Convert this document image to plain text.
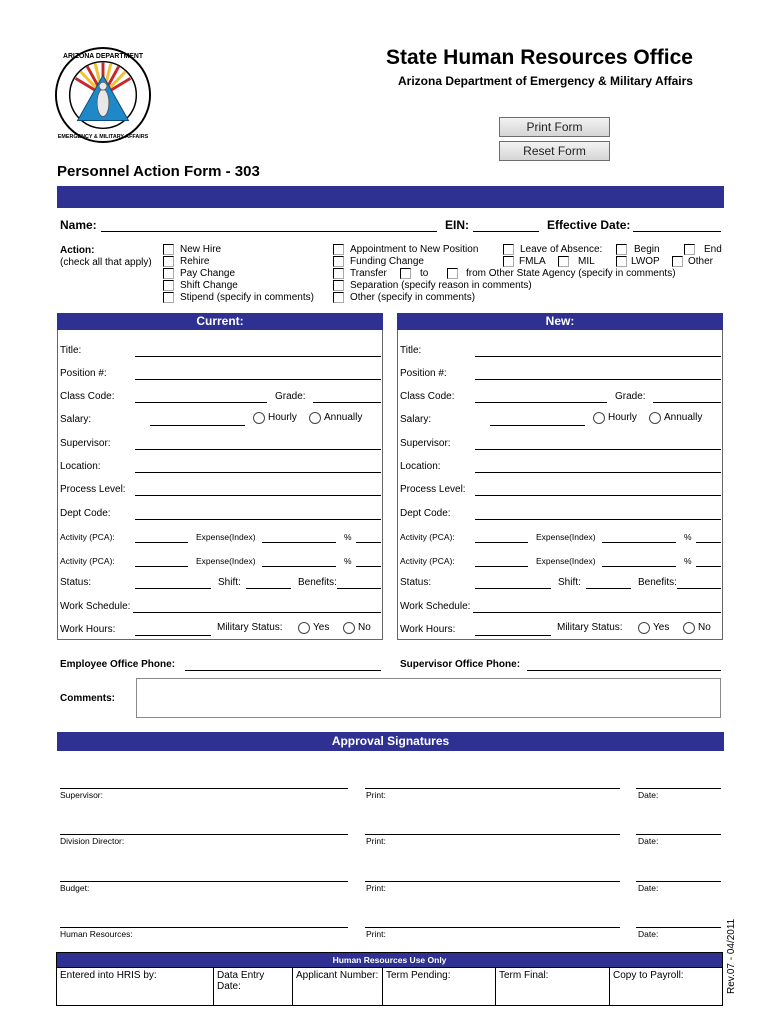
ARIZONA DEPARTMENT
EMERGENCY & MILITARY AFFAIRS
State Human Resources Office
Arizona Department of Emergency & Military Affairs
Print Form
Reset Form
Personnel Action Form - 303
Name:	EIN:	Effective Date:
Action:
(check all that apply)
New Hire
Rehire
Pay Change
Shift Change
Stipend (specify in comments)
Appointment to New Position
Funding Change
Transfer	to	from Other State Agency (specify in comments)
Separation (specify reason in comments)
Other (specify in comments)
Leave of Absence:	Begin	End
FMLA	MIL	LWOP	Other
Current:
Title:
Position #:
Class Code:	Grade:
Salary:	Hourly	Annually
Supervisor:
Location:
Process Level:
Dept Code:
Activity (PCA):	Expense(Index)	%
Activity (PCA):	Expense(Index)	%
Status:	Shift:	Benefits:
Work Schedule:
Work Hours:	Military Status:	Yes	No
New:
Title:
Position #:
Class Code:	Grade:
Salary:	Hourly	Annually
Supervisor:
Location:
Process Level:
Dept Code:
Activity (PCA):	Expense(Index)	%
Activity (PCA):	Expense(Index)	%
Status:	Shift:	Benefits:
Work Schedule:
Work Hours:	Military Status:	Yes	No
Employee Office Phone:	Supervisor Office Phone:
Comments:
Approval Signatures
Supervisor:	Print:	Date:
Division Director:	Print:	Date:
Budget:	Print:	Date:
Human Resources:	Print:	Date:
Human Resources Use Only
Entered into HRIS by:	Data Entry Date:	Applicant Number:	Term Pending:	Term Final:	Copy to Payroll:	Rev.07 - 04/2011
